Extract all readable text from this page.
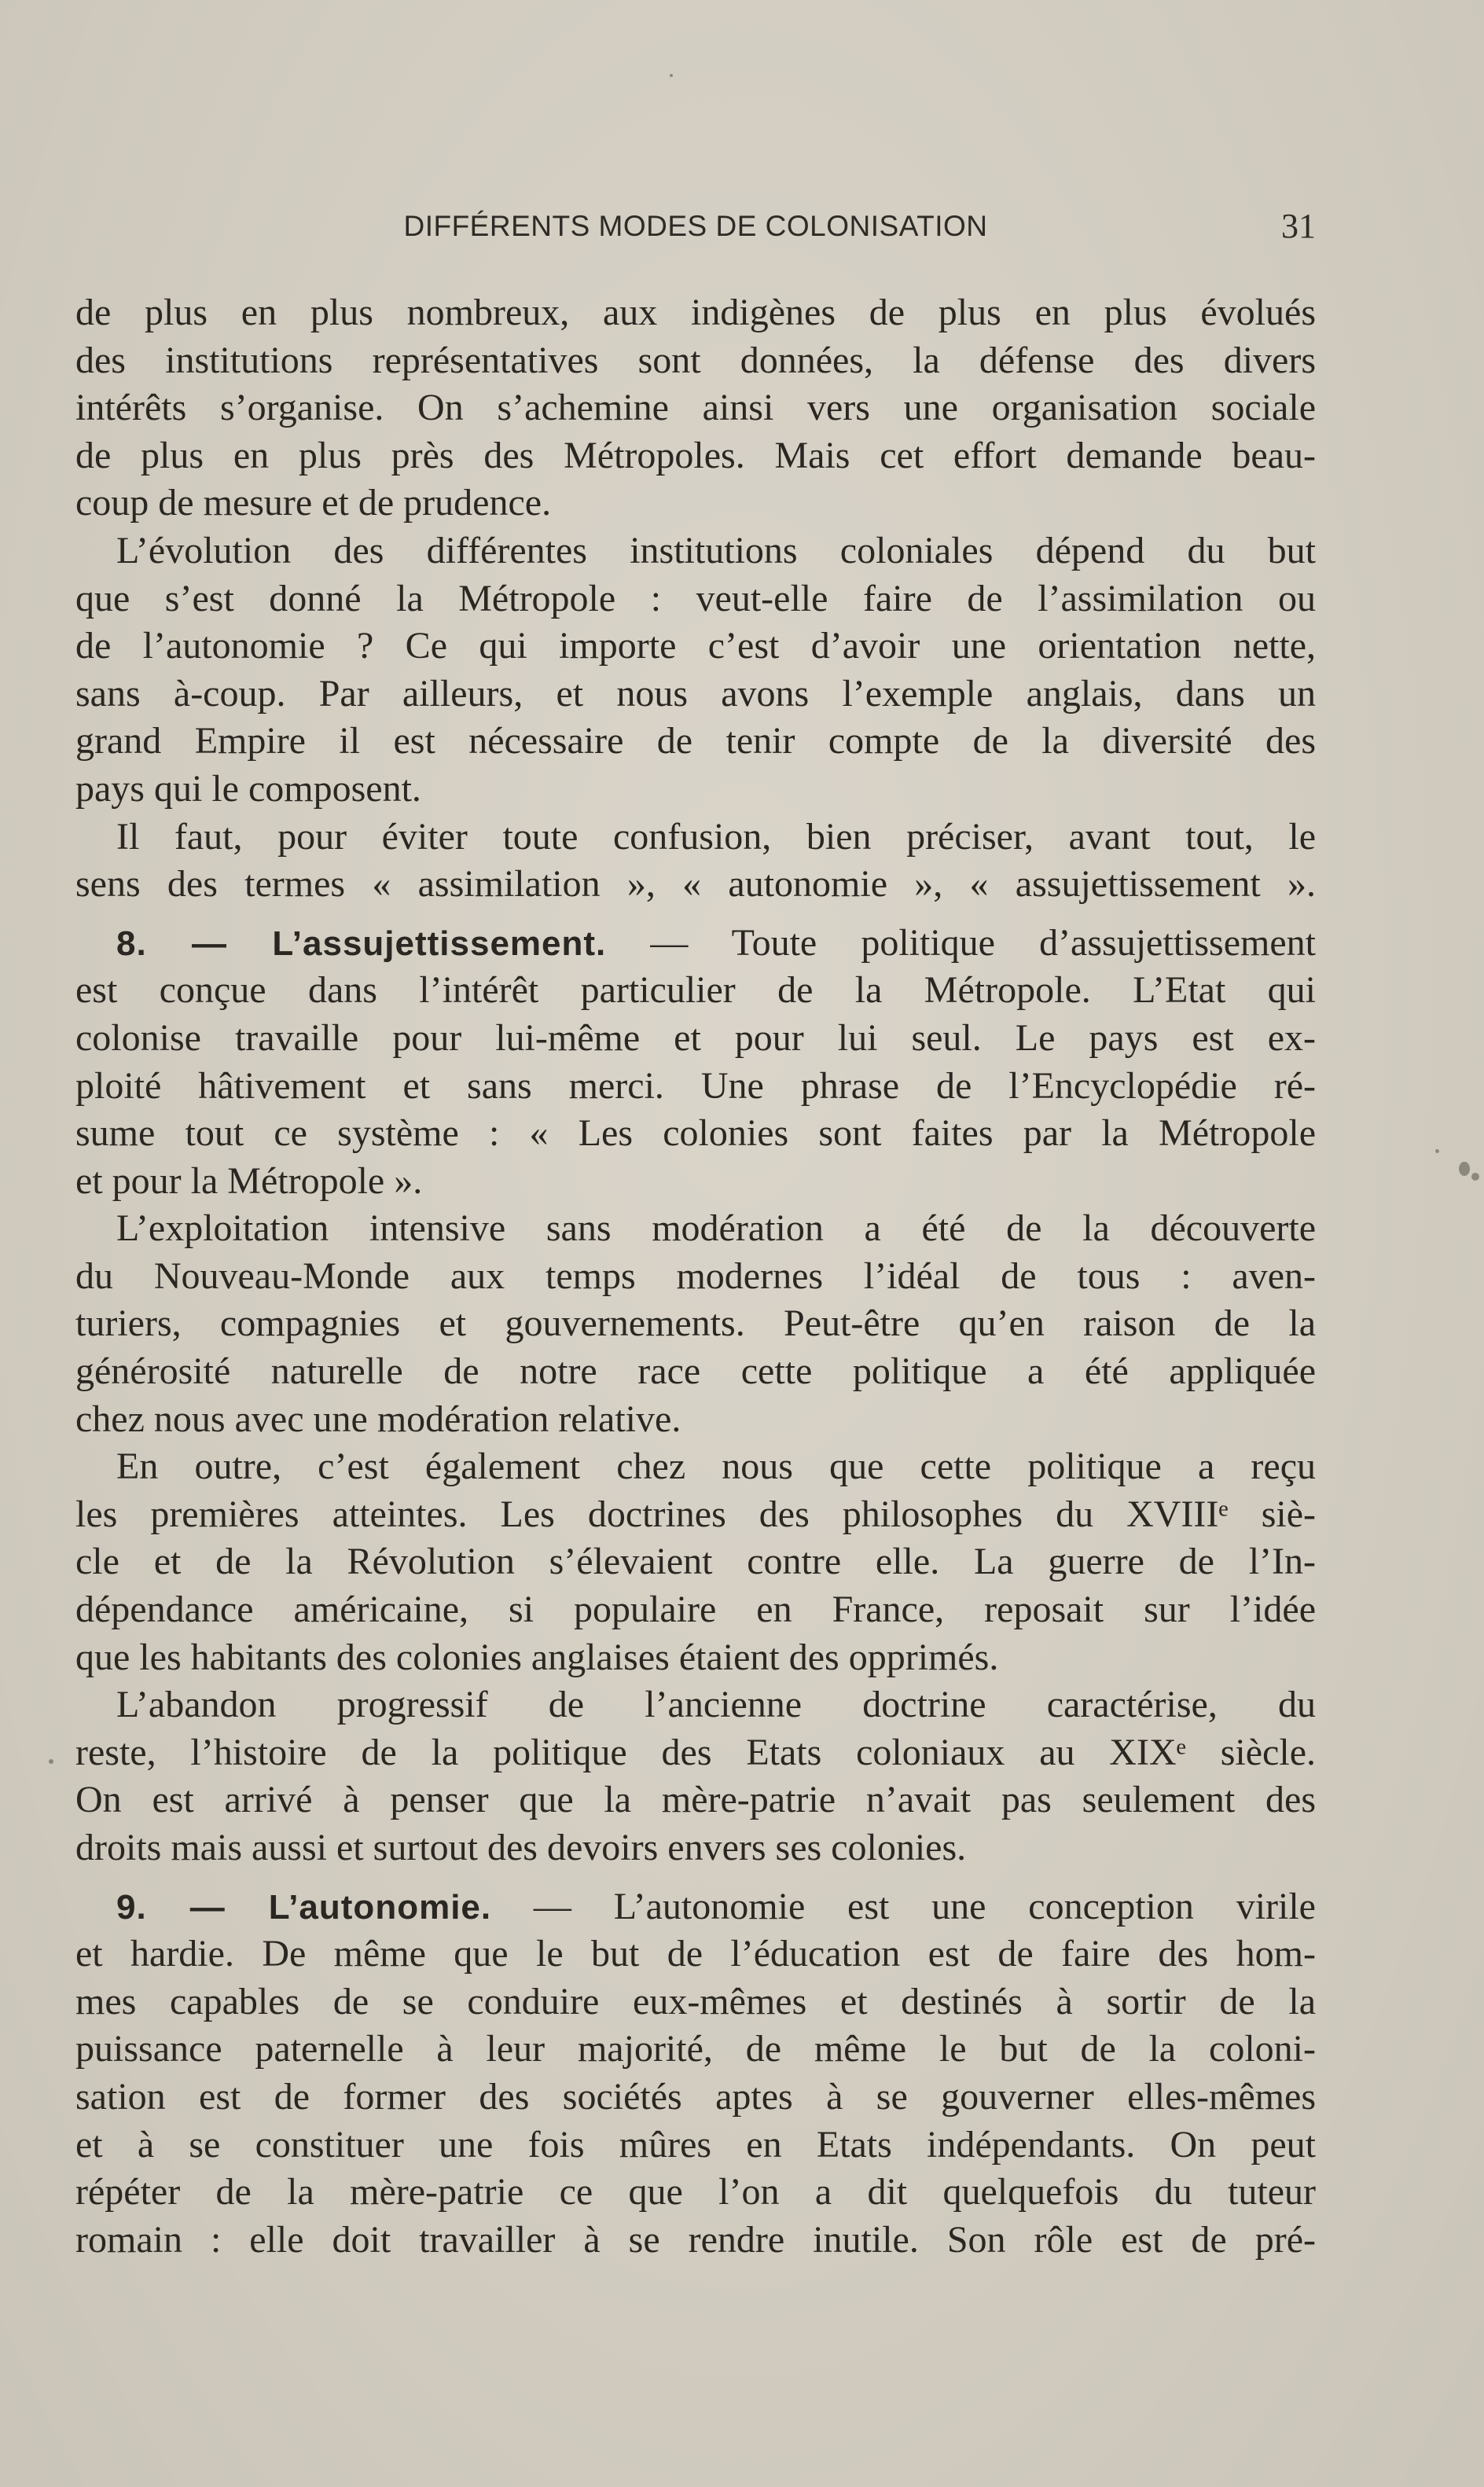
DIFFÉRENTS MODES DE COLONISATION	31
de plus en plus nombreux, aux indigènes de plus en plus évolués
des institutions représentatives sont données, la défense des divers
intérêts s’organise. On s’achemine ainsi vers une organisation sociale
de plus en plus près des Métropoles. Mais cet effort demande beau-
coup de mesure et de prudence.
L’évolution des différentes institutions coloniales dépend du but
que s’est donné la Métropole : veut-elle faire de l’assimilation ou
de l’autonomie ? Ce qui importe c’est d’avoir une orientation nette,
sans à-coup. Par ailleurs, et nous avons l’exemple anglais, dans un
grand Empire il est nécessaire de tenir compte de la diversité des
pays qui le composent.
Il faut, pour éviter toute confusion, bien préciser, avant tout, le
sens des termes « assimilation », « autonomie », « assujettissement ».
8. — L’assujettissement. — Toute politique d’assujettissement
est conçue dans l’intérêt particulier de la Métropole. L’Etat qui
colonise travaille pour lui-même et pour lui seul. Le pays est ex-
ploité hâtivement et sans merci. Une phrase de l’Encyclopédie ré-
sume tout ce système : « Les colonies sont faites par la Métropole
et pour la Métropole ».
L’exploitation intensive sans modération a été de la découverte
du Nouveau-Monde aux temps modernes l’idéal de tous : aven-
turiers, compagnies et gouvernements. Peut-être qu’en raison de la
générosité naturelle de notre race cette politique a été appliquée
chez nous avec une modération relative.
En outre, c’est également chez nous que cette politique a reçu
les premières atteintes. Les doctrines des philosophes du XVIIIᵉ siè-
cle et de la Révolution s’élevaient contre elle. La guerre de l’In-
dépendance américaine, si populaire en France, reposait sur l’idée
que les habitants des colonies anglaises étaient des opprimés.
L’abandon progressif de l’ancienne doctrine caractérise, du
reste, l’histoire de la politique des Etats coloniaux au XIXᵉ siècle.
On est arrivé à penser que la mère-patrie n’avait pas seulement des
droits mais aussi et surtout des devoirs envers ses colonies.
9. — L’autonomie. — L’autonomie est une conception virile
et hardie. De même que le but de l’éducation est de faire des hom-
mes capables de se conduire eux-mêmes et destinés à sortir de la
puissance paternelle à leur majorité, de même le but de la coloni-
sation est de former des sociétés aptes à se gouverner elles-mêmes
et à se constituer une fois mûres en Etats indépendants. On peut
répéter de la mère-patrie ce que l’on a dit quelquefois du tuteur
romain : elle doit travailler à se rendre inutile. Son rôle est de pré-
